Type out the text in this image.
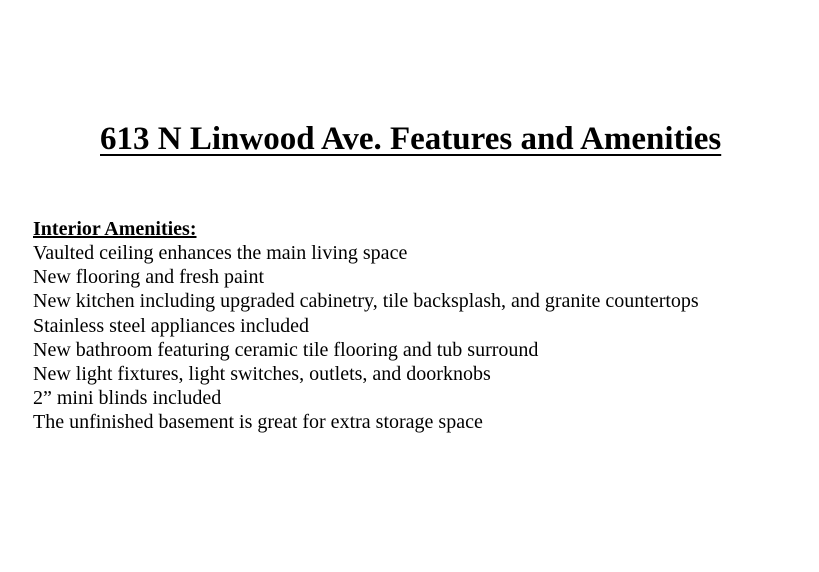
613 N Linwood Ave. Features and Amenities
Interior Amenities:
Vaulted ceiling enhances the main living space
New flooring and fresh paint
New kitchen including upgraded cabinetry, tile backsplash, and granite countertops
Stainless steel appliances included
New bathroom featuring ceramic tile flooring and tub surround
New light fixtures, light switches, outlets, and doorknobs
2” mini blinds included
The unfinished basement is great for extra storage space
